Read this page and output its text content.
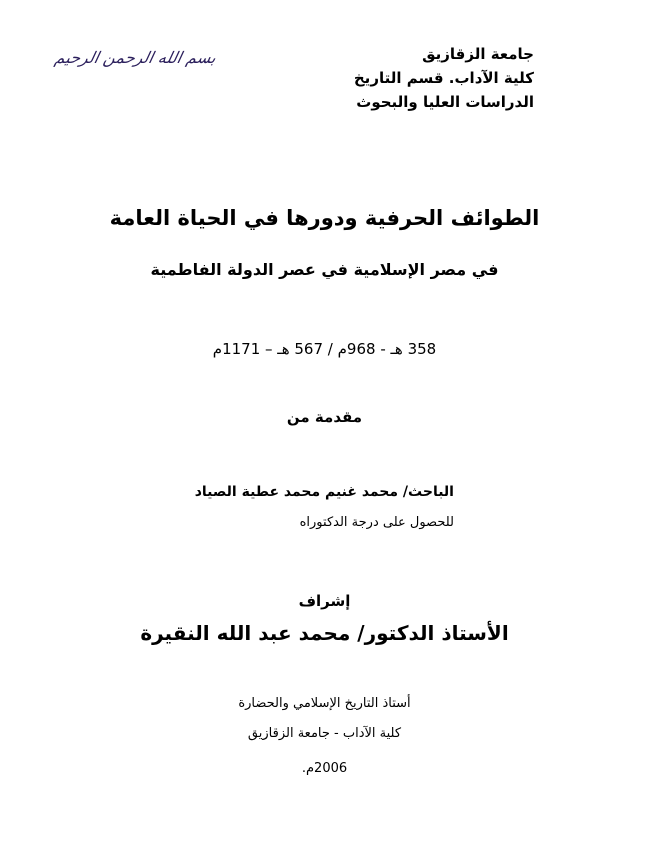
بسم الله الرحمن الرحيم	جامعة الزقازيق
كلية الآداب. قسم التاريخ
الدراسات العليا والبحوث
الطوائف الحرفية ودورها في الحياة العامة
في مصر الإسلامية في عصر الدولة الفاطمية
358 هـ - 968م / 567 هـ – 1171م
مقدمة من
الباحث/ محمد غنيم محمد عطية الصياد
للحصول على درجة الدكتوراه
إشراف
الأستاذ الدكتور/ محمد عبد الله النقيرة
أستاذ التاريخ الإسلامي والحضارة
كلية الآداب - جامعة الزقازيق
2006م.
